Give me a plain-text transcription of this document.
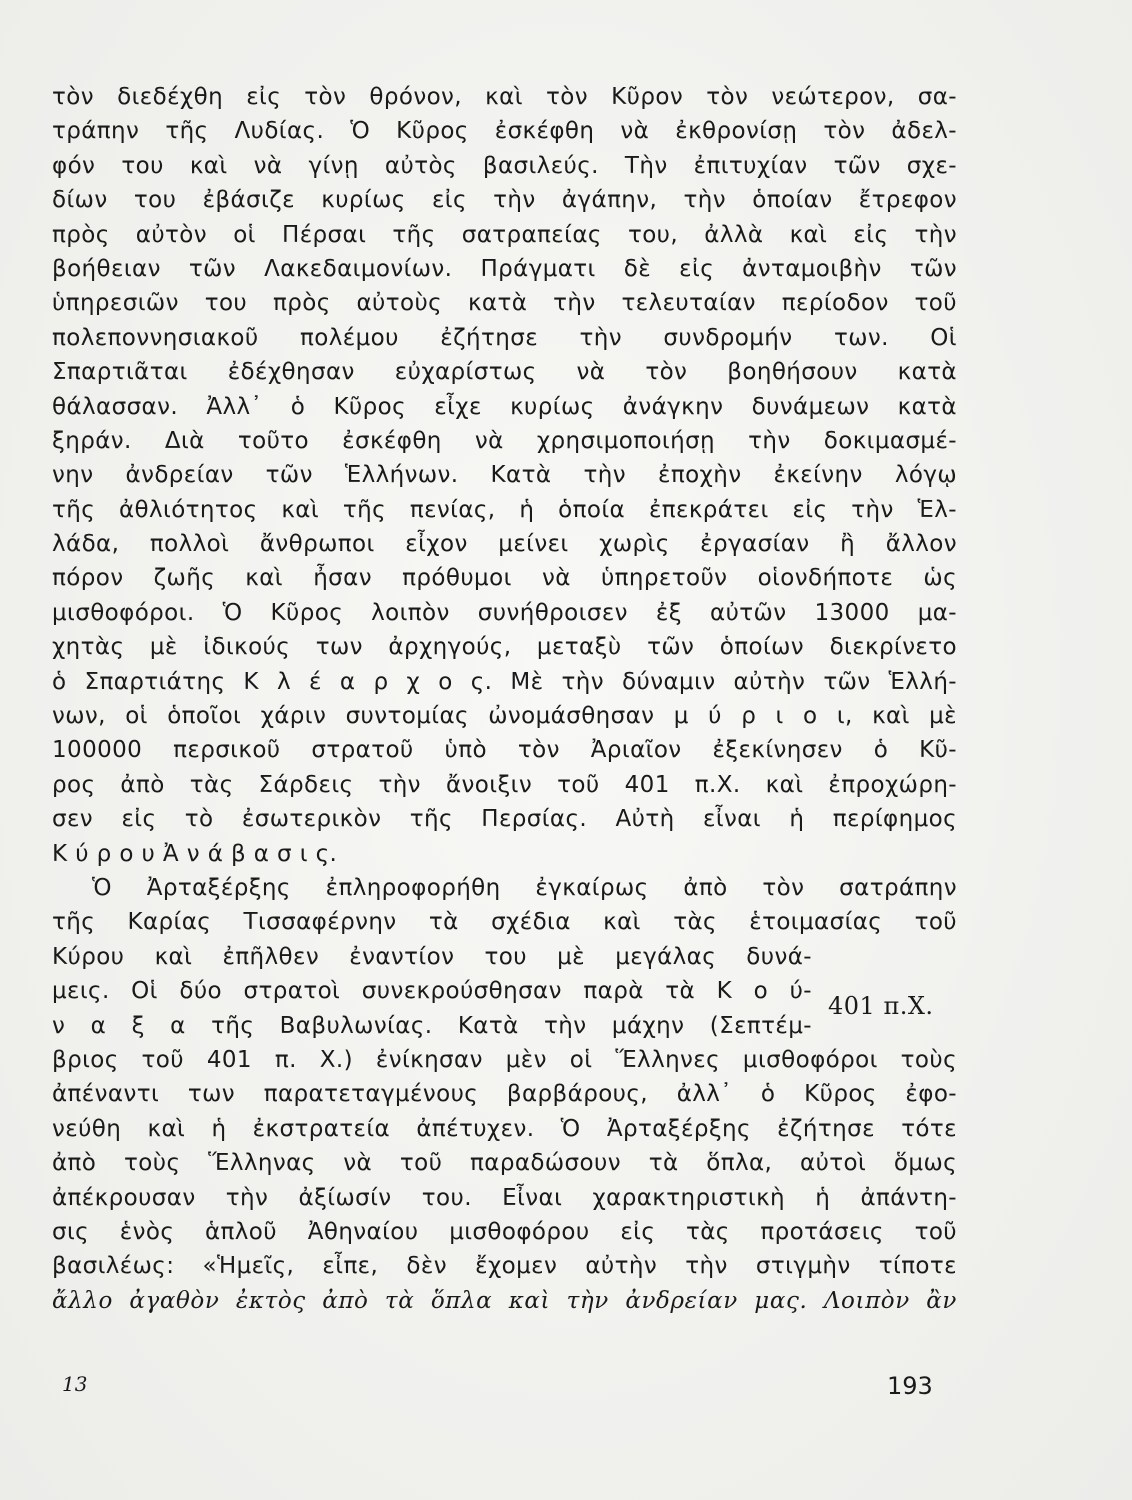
τὸν διεδέχθη εἰς τὸν θρόνον, καὶ τὸν Κῦρον τὸν νεώτερον, σα-
τράπην τῆς Λυδίας. Ὁ Κῦρος ἐσκέφθη νὰ ἐκθρονίσῃ τὸν ἀδελ-
φόν του καὶ νὰ γίνῃ αὐτὸς βασιλεύς. Τὴν ἐπιτυχίαν τῶν σχε-
δίων του ἐβάσιζε κυρίως εἰς τὴν ἀγάπην, τὴν ὁποίαν ἔτρεφον
πρὸς αὐτὸν οἱ Πέρσαι τῆς σατραπείας του, ἀλλὰ καὶ εἰς τὴν
βοήθειαν τῶν Λακεδαιμονίων. Πράγματι δὲ εἰς ἀνταμοιβὴν τῶν
ὑπηρεσιῶν του πρὸς αὐτοὺς κατὰ τὴν τελευταίαν περίοδον τοῦ
πολεποννησιακοῦ πολέμου ἐζήτησε τὴν συνδρομήν των. Οἱ
Σπαρτιᾶται ἐδέχθησαν εὐχαρίστως νὰ τὸν βοηθήσουν κατὰ
θάλασσαν. Ἀλλ᾽ ὁ Κῦρος εἶχε κυρίως ἀνάγκην δυνάμεων κατὰ
ξηράν. Διὰ τοῦτο ἐσκέφθη νὰ χρησιμοποιήσῃ τὴν δοκιμασμέ-
νην ἀνδρείαν τῶν Ἑλλήνων. Κατὰ τὴν ἐποχὴν ἐκείνην λόγῳ
τῆς ἀθλιότητος καὶ τῆς πενίας, ἡ ὁποία ἐπεκράτει εἰς τὴν Ἑλ-
λάδα, πολλοὶ ἄνθρωποι εἶχον μείνει χωρὶς ἐργασίαν ἢ ἄλλον
πόρον ζωῆς καὶ ἦσαν πρόθυμοι νὰ ὑπηρετοῦν οἱονδήποτε ὡς
μισθοφόροι. Ὁ Κῦρος λοιπὸν συνήθροισεν ἐξ αὐτῶν 13000 μα-
χητὰς μὲ ἰδικούς των ἀρχηγούς, μεταξὺ τῶν ὁποίων διεκρίνετο
ὁ Σπαρτιάτης Κ λ έ α ρ χ ο ς. Μὲ τὴν δύναμιν αὐτὴν τῶν Ἑλλή-
νων, οἱ ὁποῖοι χάριν συντομίας ὠνομάσθησαν μ ύ ρ ι ο ι, καὶ μὲ
100000 περσικοῦ στρατοῦ ὑπὸ τὸν Ἀριαῖον ἐξεκίνησεν ὁ Κῦ-
ρος ἀπὸ τὰς Σάρδεις τὴν ἄνοιξιν τοῦ 401 π.Χ. καὶ ἐπροχώρη-
σεν εἰς τὸ ἐσωτερικὸν τῆς Περσίας. Αὐτὴ εἶναι ἡ περίφημος
Κ ύ ρ ο υ Ἀ ν ά β α σ ι ς.
Ὁ Ἀρταξέρξης ἐπληροφορήθη ἐγκαίρως ἀπὸ τὸν σατράπην
τῆς Καρίας Τισσαφέρνην τὰ σχέδια καὶ τὰς ἑτοιμασίας τοῦ
Κύρου καὶ ἐπῆλθεν ἐναντίον του μὲ μεγάλας δυνά-
μεις. Οἱ δύο στρατοὶ συνεκρούσθησαν παρὰ τὰ Κ ο ύ-
ν α ξ α τῆς Βαβυλωνίας. Κατὰ τὴν μάχην (Σεπτέμ-
βριος τοῦ 401 π. Χ.) ἐνίκησαν μὲν οἱ Ἕλληνες μισθοφόροι τοὺς
ἀπέναντι των παρατεταγμένους βαρβάρους, ἀλλ᾽ ὁ Κῦρος ἐφο-
νεύθη καὶ ἡ ἐκστρατεία ἀπέτυχεν. Ὁ Ἀρταξέρξης ἐζήτησε τότε
ἀπὸ τοὺς Ἕλληνας νὰ τοῦ παραδώσουν τὰ ὅπλα, αὐτοὶ ὅμως
ἀπέκρουσαν τὴν ἀξίωσίν του. Εἶναι χαρακτηριστικὴ ἡ ἀπάντη-
σις ἑνὸς ἁπλοῦ Ἀθηναίου μισθοφόρου εἰς τὰς προτάσεις τοῦ
βασιλέως: «Ἡμεῖς, εἶπε, δὲν ἔχομεν αὐτὴν τὴν στιγμὴν τίποτε
ἄλλο ἀγαθὸν ἐκτὸς ἀπὸ τὰ ὅπλα καὶ τὴν ἀνδρείαν μας. Λοιπὸν ἂν
401 π.Χ.
13	193
